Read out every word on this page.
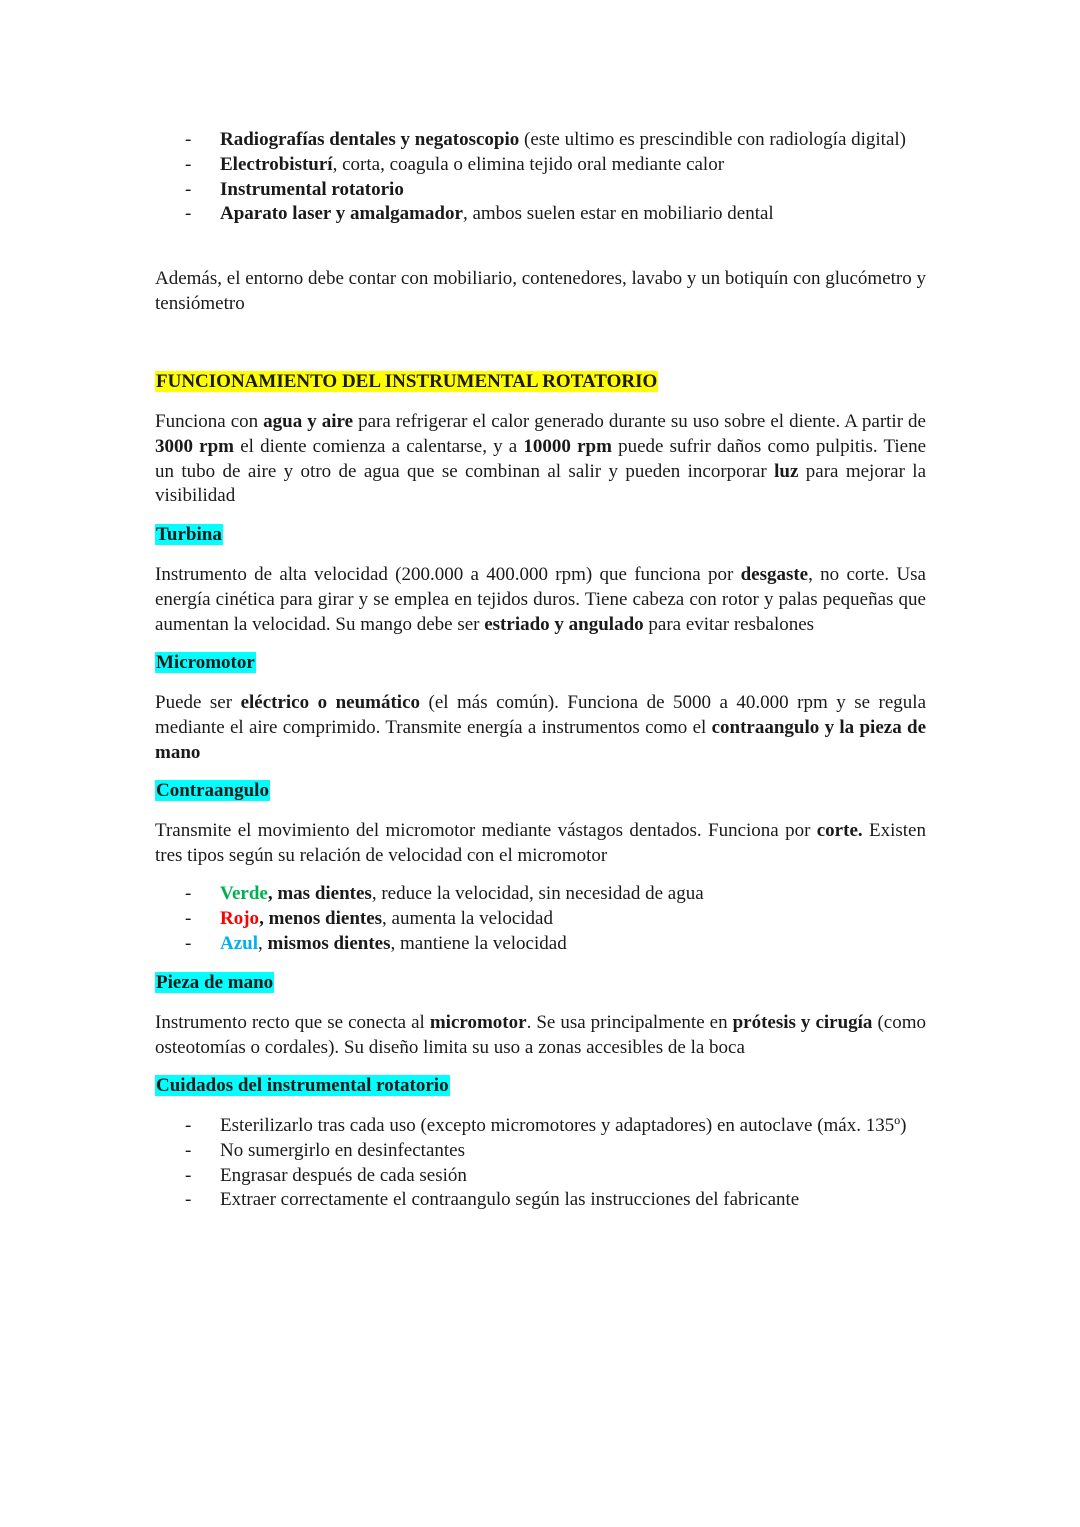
- Radiografías dentales y negatoscopio (este ultimo es prescindible con radiología digital)
- Electrobisturí, corta, coagula o elimina tejido oral mediante calor
- Instrumental rotatorio
- Aparato laser y amalgamador, ambos suelen estar en mobiliario dental

Además, el entorno debe contar con mobiliario, contenedores, lavabo y un botiquín con glucómetro y tensiómetro

FUNCIONAMIENTO DEL INSTRUMENTAL ROTATORIO

Funciona con agua y aire para refrigerar el calor generado durante su uso sobre el diente. A partir de 3000 rpm el diente comienza a calentarse, y a 10000 rpm puede sufrir daños como pulpitis. Tiene un tubo de aire y otro de agua que se combinan al salir y pueden incorporar luz para mejorar la visibilidad

Turbina

Instrumento de alta velocidad (200.000 a 400.000 rpm) que funciona por desgaste, no corte. Usa energía cinética para girar y se emplea en tejidos duros. Tiene cabeza con rotor y palas pequeñas que aumentan la velocidad. Su mango debe ser estriado y angulado para evitar resbalones

Micromotor

Puede ser eléctrico o neumático (el más común). Funciona de 5000 a 40.000 rpm y se regula mediante el aire comprimido. Transmite energía a instrumentos como el contraangulo y la pieza de mano

Contraangulo

Transmite el movimiento del micromotor mediante vástagos dentados. Funciona por corte. Existen tres tipos según su relación de velocidad con el micromotor

- Verde, mas dientes, reduce la velocidad, sin necesidad de agua
- Rojo, menos dientes, aumenta la velocidad
- Azul, mismos dientes, mantiene la velocidad

Pieza de mano

Instrumento recto que se conecta al micromotor. Se usa principalmente en prótesis y cirugía (como osteotomías o cordales). Su diseño limita su uso a zonas accesibles de la boca

Cuidados del instrumental rotatorio

- Esterilizarlo tras cada uso (excepto micromotores y adaptadores) en autoclave (máx. 135º)
- No sumergirlo en desinfectantes
- Engrasar después de cada sesión
- Extraer correctamente el contraangulo según las instrucciones del fabricante
